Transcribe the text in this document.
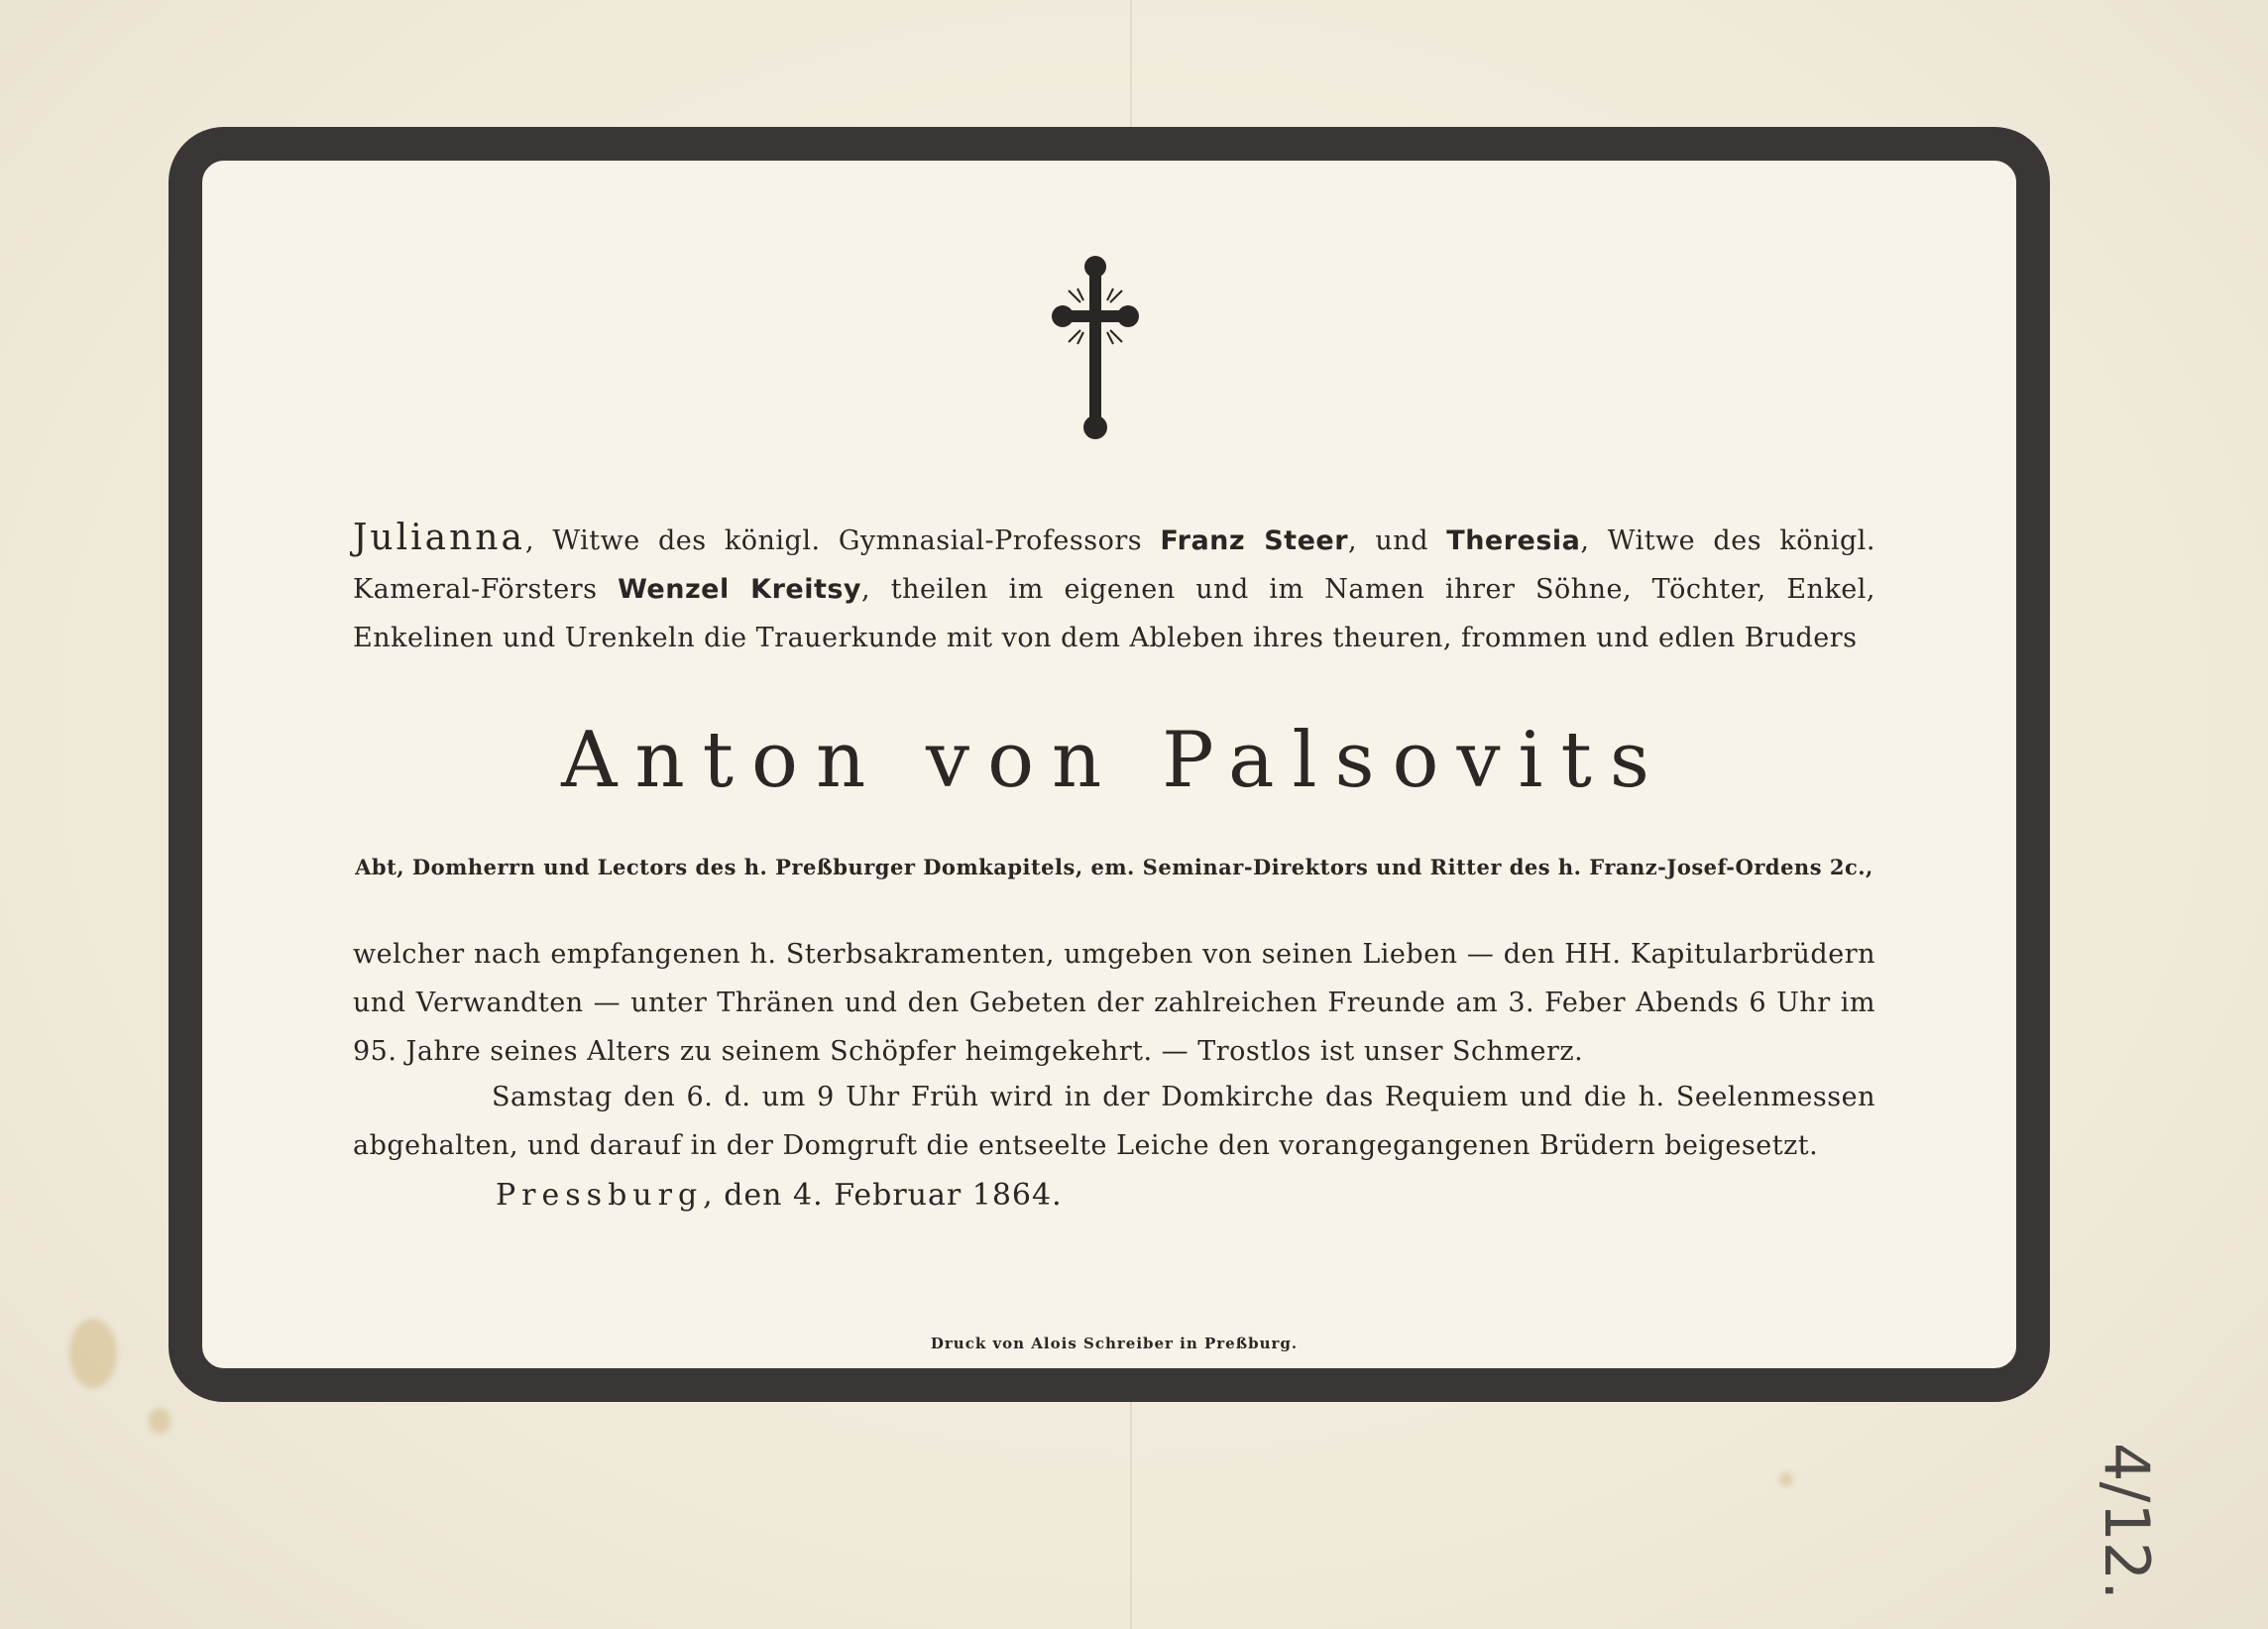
Julianna, Witwe des königl. Gymnasial-Professors Franz Steer, und Theresia, Witwe des königl. Kameral-Försters Wenzel Kreitsy, theilen im eigenen und im Namen ihrer Söhne, Töchter, Enkel, Enkelinen und Urenkeln die Trauerkunde mit von dem Ableben ihres theuren, frommen und edlen Bruders

Anton von Palsovits

Abt, Domherrn und Lectors des h. Preßburger Domkapitels, em. Seminar-Direktors und Ritter des h. Franz-Josef-Ordens 2c.,

welcher nach empfangenen h. Sterbsakramenten, umgeben von seinen Lieben — den HH. Kapitularbrüdern und Verwandten — unter Thränen und den Gebeten der zahlreichen Freunde am 3. Feber Abends 6 Uhr im 95. Jahre seines Alters zu seinem Schöpfer heimgekehrt. — Trostlos ist unser Schmerz.

Samstag den 6. d. um 9 Uhr Früh wird in der Domkirche das Requiem und die h. Seelenmessen abgehalten, und darauf in der Domgruft die entseelte Leiche den vorangegangenen Brüdern beigesetzt.

Pressburg, den 4. Februar 1864.

Druck von Alois Schreiber in Preßburg.

4/12.
